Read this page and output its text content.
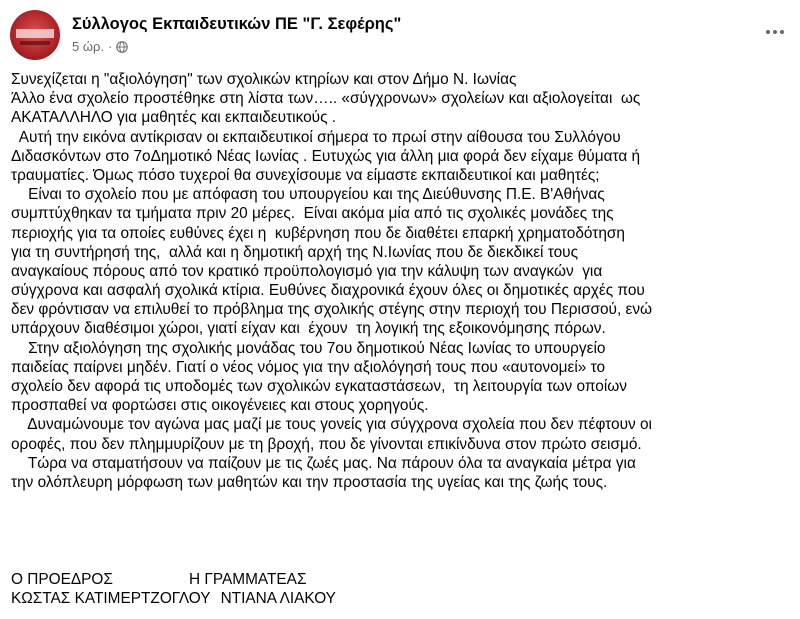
Σύλλογος Εκπαιδευτικών ΠΕ "Γ. Σεφέρης"
5 ώρ. ·
Συνεχίζεται η "αξιολόγηση" των σχολικών κτηρίων και στον Δήμο Ν. Ιωνίας
Άλλο ένα σχολείο προστέθηκε στη λίστα των….. «σύγχρονων» σχολείων και αξιολογείται  ως
ΑΚΑΤΑΛΛΗΛΟ για μαθητές και εκπαιδευτικούς .
Αυτή την εικόνα αντίκρισαν οι εκπαιδευτικοί σήμερα το πρωί στην αίθουσα του Συλλόγου
Διδασκόντων στο 7οΔημοτικό Νέας Ιωνίας . Ευτυχώς για άλλη μια φορά δεν είχαμε θύματα ή
τραυματίες. Όμως πόσο τυχεροί θα συνεχίσουμε να είμαστε εκπαιδευτικοί και μαθητές;
Είναι το σχολείο που με απόφαση του υπουργείου και της Διεύθυνσης Π.Ε. Β'Αθήνας
συμπτύχθηκαν τα τμήματα πριν 20 μέρες.  Είναι ακόμα μία από τις σχολικές μονάδες της
περιοχής για τα οποίες ευθύνες έχει η  κυβέρνηση που δε διαθέτει επαρκή χρηματοδότηση
για τη συντήρησή της,  αλλά και η δημοτική αρχή της Ν.Ιωνίας που δε διεκδικεί τους
αναγκαίους πόρους από τον κρατικό προϋπολογισμό για την κάλυψη των αναγκών  για
σύγχρονα και ασφαλή σχολικά κτίρια. Ευθύνες διαχρονικά έχουν όλες οι δημοτικές αρχές που
δεν φρόντισαν να επιλυθεί το πρόβλημα της σχολικής στέγης στην περιοχή του Περισσού, ενώ
υπάρχουν διαθέσιμοι χώροι, γιατί είχαν και  έχουν  τη λογική της εξοικονόμησης πόρων.
Στην αξιολόγηση της σχολικής μονάδας του 7ου δημοτικού Νέας Ιωνίας το υπουργείο
παιδείας παίρνει μηδέν. Γιατί ο νέος νόμος για την αξιολόγησή τους που «αυτονομεί» το
σχολείο δεν αφορά τις υποδομές των σχολικών εγκαταστάσεων,  τη λειτουργία των οποίων
προσπαθεί να φορτώσει στις οικογένειες και στους χορηγούς.
Δυναμώνουμε τον αγώνα μας μαζί με τους γονείς για σύγχρονα σχολεία που δεν πέφτουν οι
οροφές, που δεν πλημμυρίζουν με τη βροχή, που δε γίνονται επικίνδυνα στον πρώτο σεισμό.
Τώρα να σταματήσουν να παίζουν με τις ζωές μας. Να πάρουν όλα τα αναγκαία μέτρα για
την ολόπλευρη μόρφωση των μαθητών και την προστασία της υγείας και της ζωής τους.
Ο ΠΡΟΕΔΡΟΣ	Η ΓΡΑΜΜΑΤΕΑΣ
ΚΩΣΤΑΣ ΚΑΤΙΜΕΡΤΖΟΓΛΟΥ ΝΤΙΑΝΑ ΛΙΑΚΟΥ
